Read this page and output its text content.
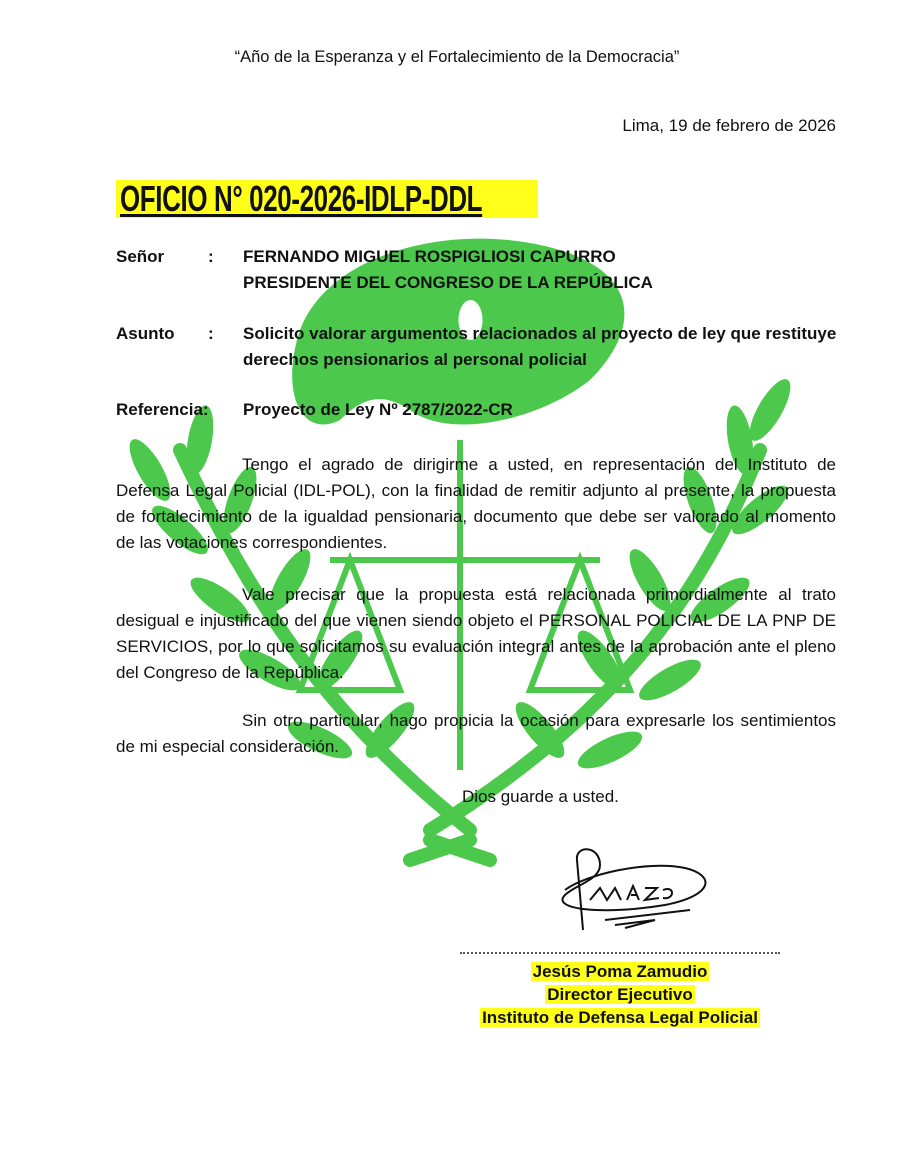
“Año de la Esperanza y el Fortalecimiento de la Democracia”
Lima, 19 de febrero de 2026
OFICIO N° 020-2026-IDLP-DDL
Señor	: FERNANDO MIGUEL ROSPIGLIOSI CAPURRO
PRESIDENTE DEL CONGRESO DE LA REPÚBLICA
Asunto	: Solicito valorar argumentos relacionados al proyecto de ley que restituye derechos pensionarios al personal policial
Referencia:	Proyecto de Ley Nº 2787/2022-CR
Tengo el agrado de dirigirme a usted, en representación del Instituto de Defensa Legal Policial (IDL-POL), con la finalidad de remitir adjunto al presente, la propuesta de fortalecimiento de la igualdad pensionaria, documento que debe ser valorado al momento de las votaciones correspondientes.
Vale precisar que la propuesta está relacionada primordialmente al trato desigual e injustificado del que vienen siendo objeto el PERSONAL POLICIAL DE LA PNP DE SERVICIOS, por lo que solicitamos su evaluación integral antes de la aprobación ante el pleno del Congreso de la República.
Sin otro particular, hago propicia la ocasión para expresarle los sentimientos de mi especial consideración.
Dios guarde a usted.
Jesús Poma Zamudio
Director Ejecutivo
Instituto de Defensa Legal Policial
